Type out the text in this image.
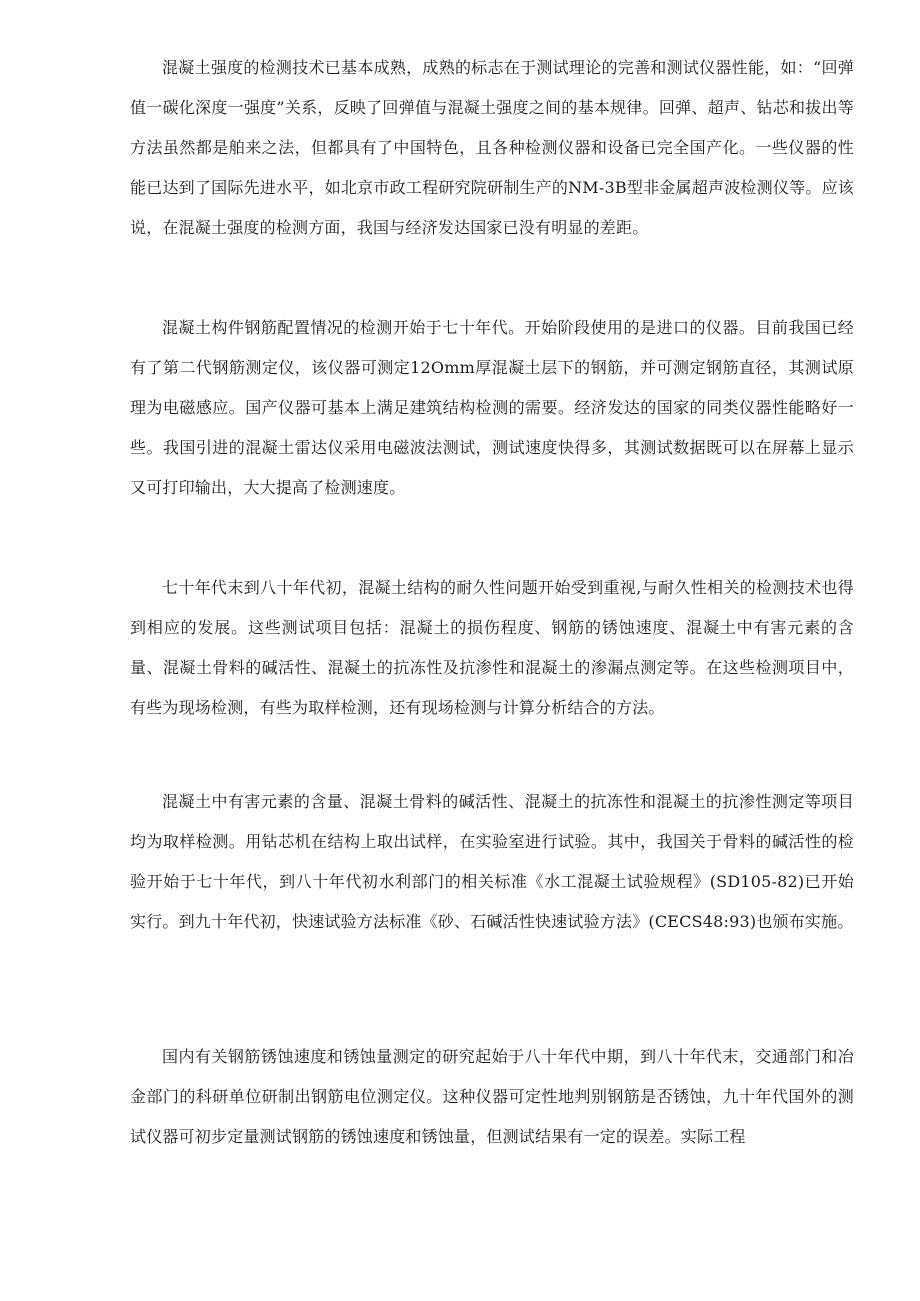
混凝土强度的检测技术已基本成熟，成熟的标志在于测试理论的完善和测试仪器性能，如：“回弹值一碳化深度一强度”关系，反映了回弹值与混凝土强度之间的基本规律。回弹、超声、钻芯和拔出等方法虽然都是舶来之法，但都具有了中国特色，且各种检测仪器和设备已完全国产化。一些仪器的性能已达到了国际先进水平，如北京市政工程研究院研制生产的NM-3B型非金属超声波检测仪等。应该说，在混凝土强度的检测方面，我国与经济发达国家已没有明显的差距。

混凝土构件钢筋配置情况的检测开始于七十年代。开始阶段使用的是进口的仪器。目前我国已经有了第二代钢筋测定仪，该仪器可测定12Omm厚混凝土层下的钢筋，并可测定钢筋直径，其测试原理为电磁感应。国产仪器可基本上满足建筑结构检测的需要。经济发达的国家的同类仪器性能略好一些。我国引进的混凝土雷达仪采用电磁波法测试，测试速度快得多，其测试数据既可以在屏幕上显示又可打印输出，大大提高了检测速度。

七十年代末到八十年代初，混凝土结构的耐久性问题开始受到重视,与耐久性相关的检测技术也得到相应的发展。这些测试项目包括：混凝土的损伤程度、钢筋的锈蚀速度、混凝土中有害元素的含量、混凝土骨料的碱活性、混凝土的抗冻性及抗渗性和混凝土的渗漏点测定等。在这些检测项目中，有些为现场检测，有些为取样检测，还有现场检测与计算分析结合的方法。

混凝土中有害元素的含量、混凝土骨料的碱活性、混凝土的抗冻性和混凝土的抗渗性测定等项目均为取样检测。用钻芯机在结构上取出试样，在实验室进行试验。其中，我国关于骨料的碱活性的检验开始于七十年代，到八十年代初水利部门的相关标准《水工混凝土试验规程》(SD105-82)已开始实行。到九十年代初，快速试验方法标准《砂、石碱活性快速试验方法》(CECS48:93)也颁布实施。

国内有关钢筋锈蚀速度和锈蚀量测定的研究起始于八十年代中期，到八十年代末，交通部门和冶金部门的科研单位研制出钢筋电位测定仪。这种仪器可定性地判别钢筋是否锈蚀，九十年代国外的测试仪器可初步定量测试钢筋的锈蚀速度和锈蚀量，但测试结果有一定的误差。实际工程
